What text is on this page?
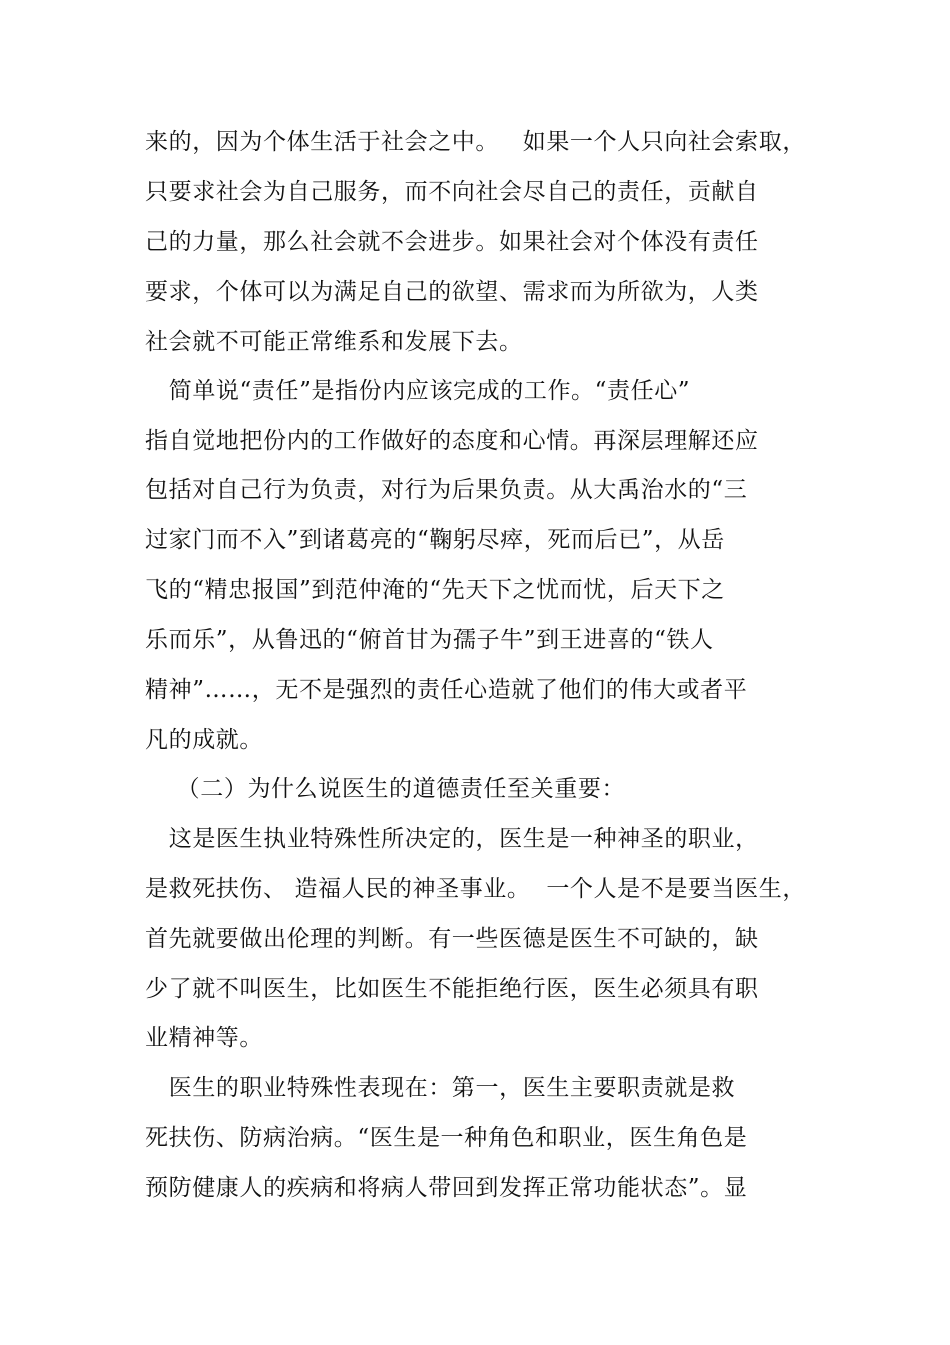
来的，因为个体生活于社会之中。   如果一个人只向社会索取，
只要求社会为自己服务，而不向社会尽自己的责任，贡献自
己的力量，那么社会就不会进步。如果社会对个体没有责任
要求，个体可以为满足自己的欲望、需求而为所欲为，人类
社会就不可能正常维系和发展下去。
简单说“责任”是指份内应该完成的工作。“责任心”
指自觉地把份内的工作做好的态度和心情。再深层理解还应
包括对自己行为负责，对行为后果负责。从大禹治水的“三
过家门而不入”到诸葛亮的“鞠躬尽瘁，死而后已”，从岳
飞的“精忠报国”到范仲淹的“先天下之忧而忧，后天下之
乐而乐”，从鲁迅的“俯首甘为孺子牛”到王进喜的“铁人
精神”……，无不是强烈的责任心造就了他们的伟大或者平
凡的成就。
（二）为什么说医生的道德责任至关重要：
这是医生执业特殊性所决定的，医生是一种神圣的职业，
是救死扶伤、 造福人民的神圣事业。  一个人是不是要当医生，
首先就要做出伦理的判断。有一些医德是医生不可缺的，缺
少了就不叫医生，比如医生不能拒绝行医，医生必须具有职
业精神等。
医生的职业特殊性表现在：第一，医生主要职责就是救
死扶伤、防病治病。“医生是一种角色和职业，医生角色是
预防健康人的疾病和将病人带回到发挥正常功能状态”。显
